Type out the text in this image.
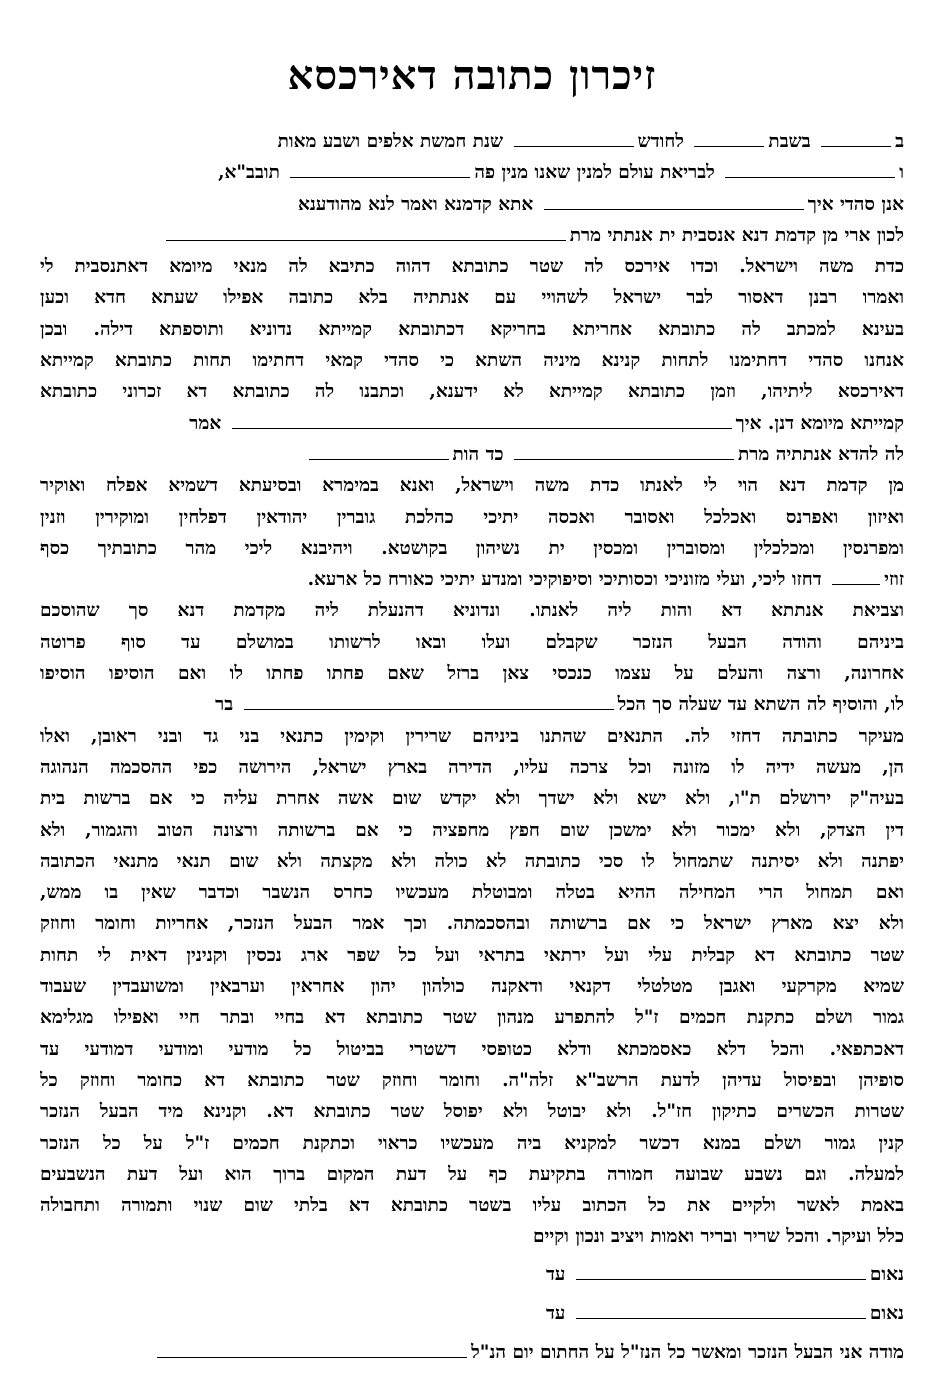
זיכרון כתובה דאירכסא
ב בשבת לחודש שנת חמשת אלפים ושבע מאות
ו לבריאת עולם למנין שאנו מנין פה תובב"א,
אנן סהדי איך אתא קדמנא ואמר לנא מהודענא
לכון ארי מן קדמת דנא אנסבית ית אנתתי מרת
כדת משה וישראל. וכדו אירכס לה שטר כתובתא דהוה כתיבא לה מנאי מיומא דאתנסבית לי
ואמרו רבנן דאסור לבר ישראל לשהויי עם אנתתיה בלא כתובה אפילו שעתא חדא וכען
בעינא למכתב לה כתובתא אחריתא בחריקא דכתובתא קמייתא נדוניא ותוספתא דילה. ובכן
אנחנו סהדי דחתימנו לתחות קנינא מיניה השתא כי סהדי קמאי דחתימו תחות כתובתא קמייתא
דאירכסא ליתיהו, וזמן כתובתא קמייתא לא ידענא, וכתבנו לה כתובתא דא זכרוני כתובתא
קמייתא מיומא דנן. איך אמר
לה להדא אנתתיה מרת כד הות
מן קדמת דנא הוי לי לאנתו כדת משה וישראל, ואנא במימרא ובסיעתא דשמיא אפלח ואוקיר
ואיזון ואפרנס ואכלכל ואסובר ואכסה יתיכי כהלכת גוברין יהודאין דפלחין ומוקירין וזנין
ומפרנסין ומכלכלין ומסוברין ומכסין ית נשיהון בקושטא. ויהיבנא ליכי מהר כתובתיך כסף
זוזי דחזו ליכי, ועלי מזוניכי וכסותיכי וסיפוקיכי ומנדע יתיכי כאורח כל ארעא.
וצביאת אנתתא דא והות ליה לאנתו. ונדוניא דהנעלת ליה מקדמת דנא סך שהוסכם
ביניהם והודה הבעל הנזכר שקבלם ועלו ובאו לרשותו במושלם עד סוף פרוטה
אחרונה, ורצה והעלם על עצמו כנכסי צאן ברזל שאם פחתו פחתו לו ואם הוסיפו הוסיפו
לו, והוסיף לה השתא עד שעלה סך הכל בר
מעיקר כתובתה דחזי לה. התנאים שהתנו ביניהם שרירין וקימין כתנאי בני גד ובני ראובן, ואלו
הן, מעשה ידיה לו מזונה וכל צרכה עליו, הדירה בארץ ישראל, הירושה כפי ההסכמה הנהוגה
בעיה"ק ירושלם ת"ו, ולא ישא ולא ישדך ולא יקדש שום אשה אחרת עליה כי אם ברשות בית
דין הצדק, ולא ימכור ולא ימשכן שום חפץ מחפציה כי אם ברשותה ורצונה הטוב והגמור, ולא
יפתנה ולא יסיתנה שתמחול לו סכי כתובתה לא כולה ולא מקצתה ולא שום תנאי מתנאי הכתובה
ואם תמחול הרי המחילה ההיא בטלה ומבוטלת מעכשיו כחרס הנשבר וכדבר שאין בו ממש,
ולא יצא מארץ ישראל כי אם ברשותה ובהסכמתה. וכך אמר הבעל הנזכר, אחריות וחומר וחוזק
שטר כתובתא דא קבלית עלי ועל ירתאי בתראי ועל כל שפר ארג נכסין וקנינין דאית לי תחות
שמיא מקרקעי ואגבן מטלטלי דקנאי ודאקנה כולהון יהון אחראין וערבאין ומשועבדין שעבוד
גמור ושלם כתקנת חכמים ז"ל להתפרע מנהון שטר כתובתא דא בחיי ובתר חיי ואפילו מגלימא
דאכתפאי. והכל דלא כאסמכתא ודלא כטופסי דשטרי בביטול כל מודעי ומודעי דמודעי עד
סופיהן ובפיסול עדיהן לדעת הרשב"א זלה"ה. וחומר וחוזק שטר כתובתא דא כחומר וחוזק כל
שטרות הכשרים כתיקון חז"ל. ולא יבוטל ולא יפוסל שטר כתובתא דא. וקנינא מיד הבעל הנזכר
קנין גמור ושלם במנא דכשר למקניא ביה מעכשיו כראוי וכתקנת חכמים ז"ל על כל הנזכר
למעלה. וגם נשבע שבועה חמורה בתקיעת כף על דעת המקום ברוך הוא ועל דעת הנשבעים
באמת לאשר ולקיים את כל הכתוב עליו בשטר כתובתא דא בלתי שום שנוי ותמורה ותחבולה
כלל ועיקר. והכל שריר ובריר ואמות ויציב ונכון וקיים
נאום עד
נאום עד
מודה אני הבעל הנזכר ומאשר כל הנז"ל על החתום יום הנ"ל
